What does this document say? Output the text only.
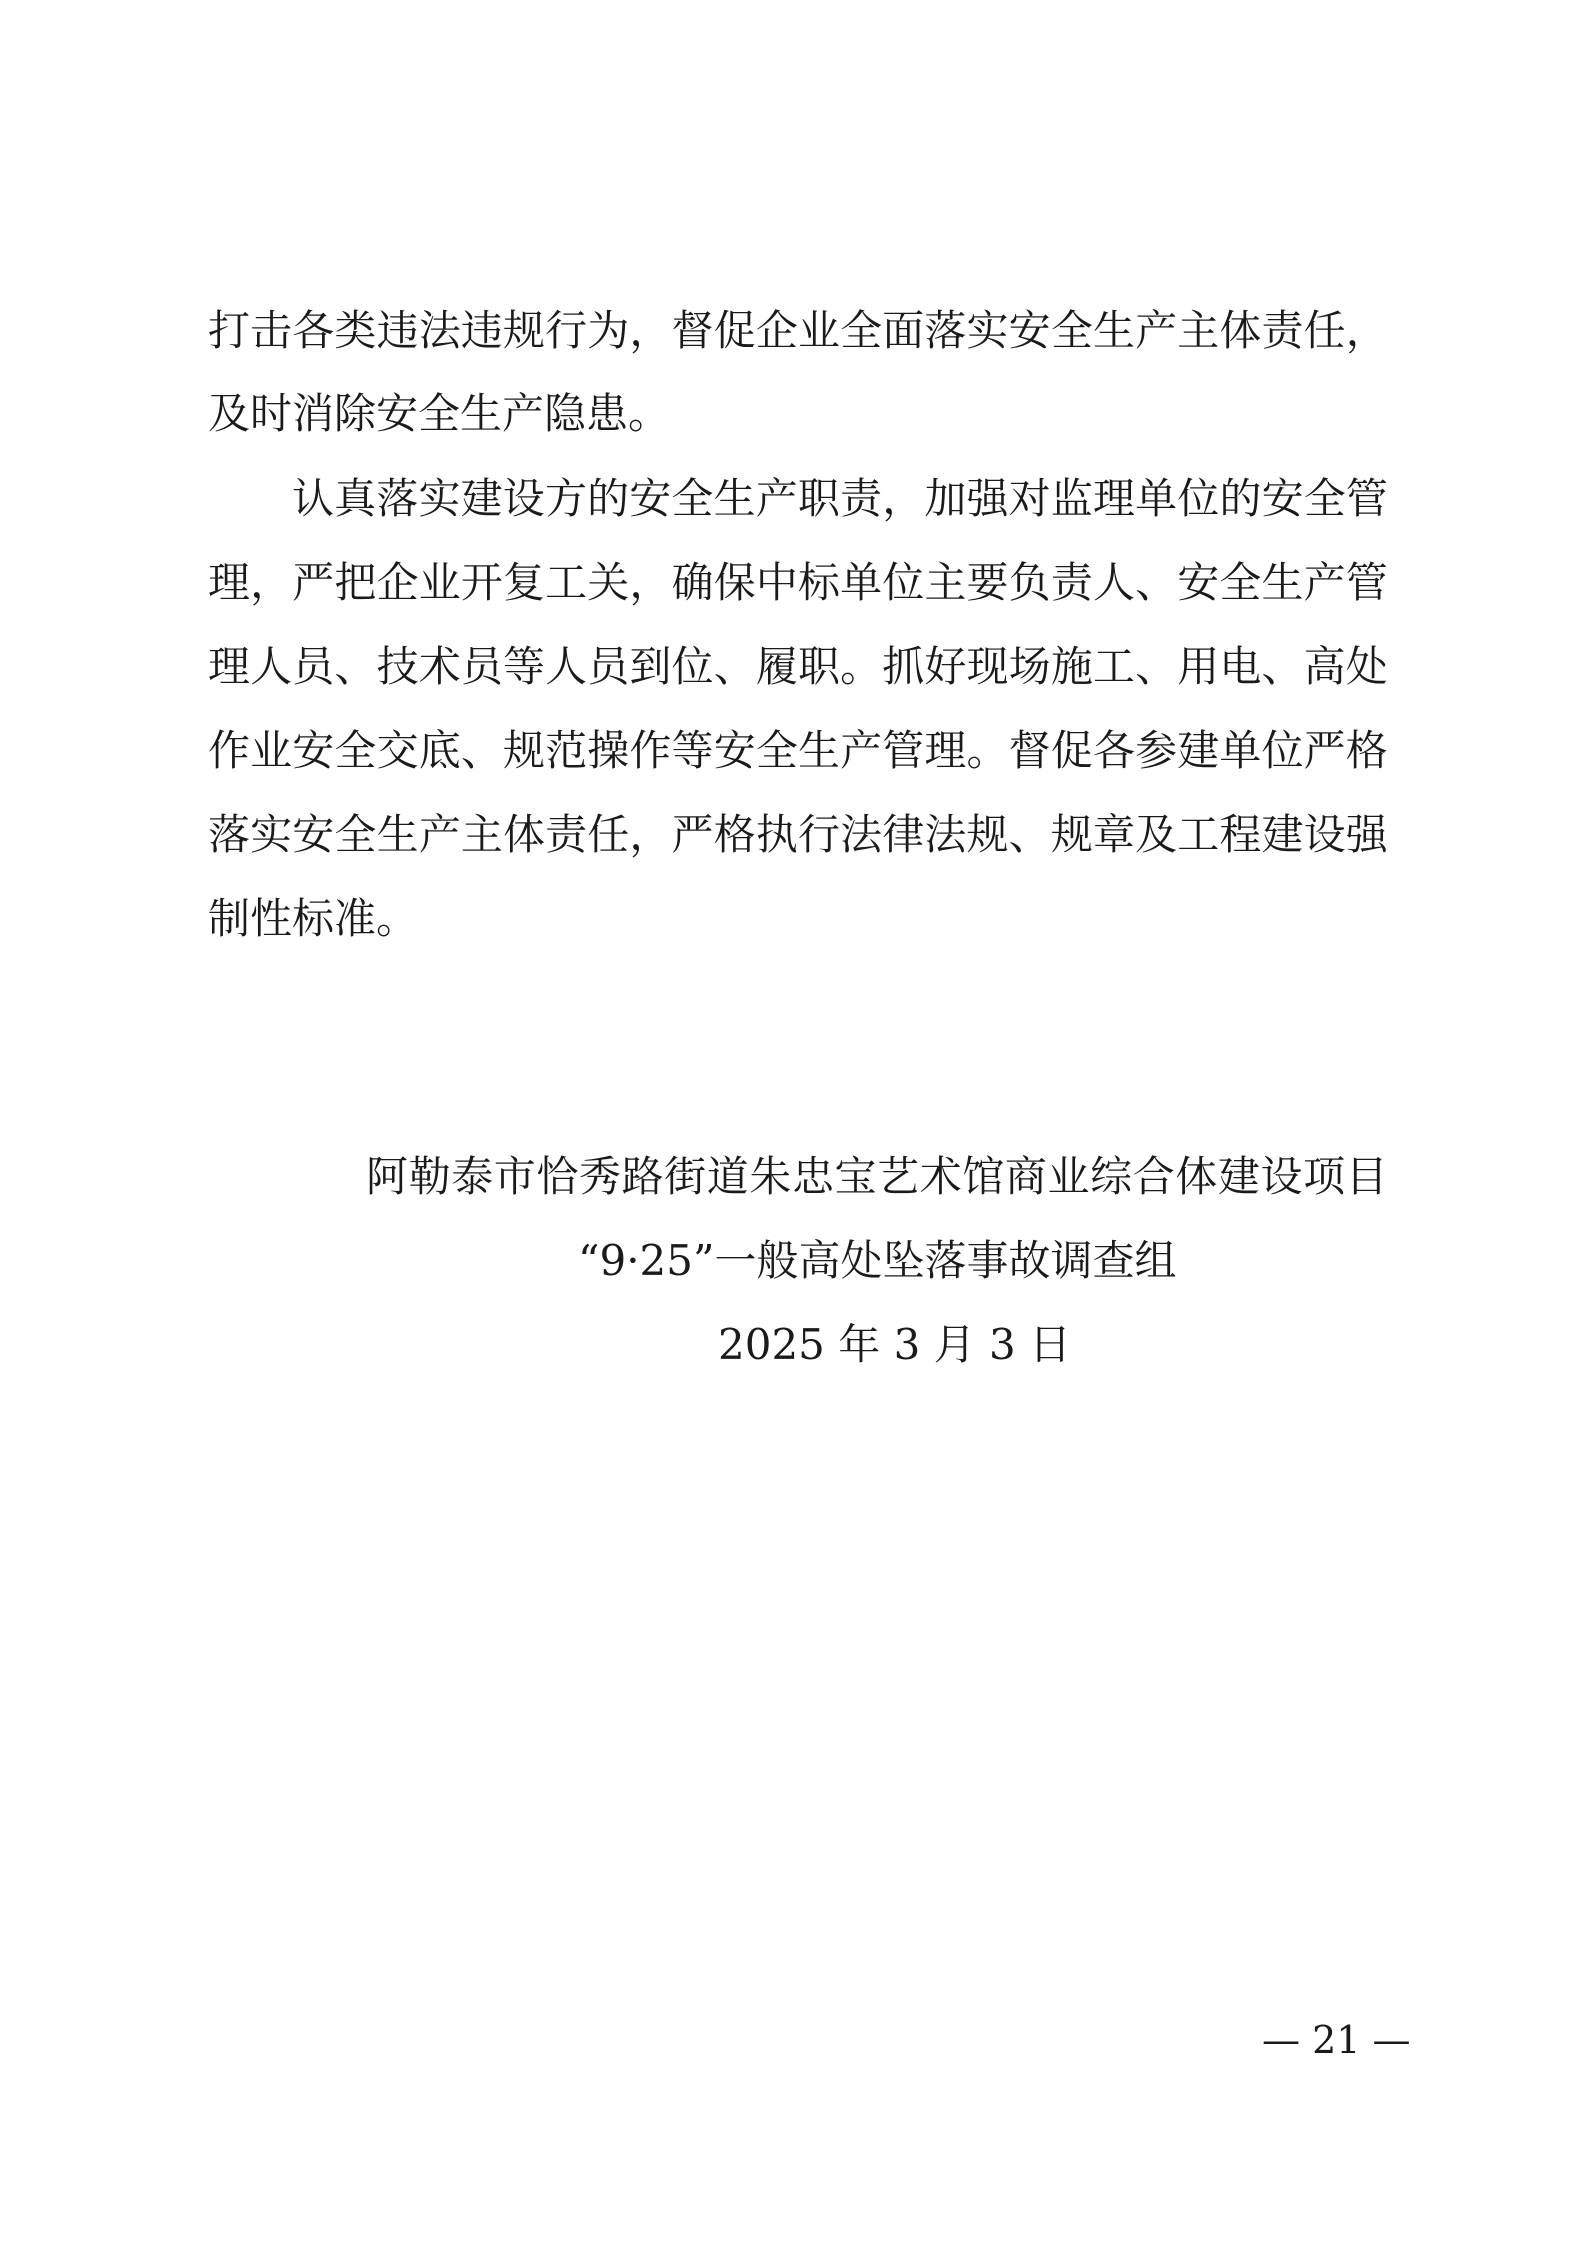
打 击 各 类 违 法 违 规 行 为 ， 督 促 企 业 全 面 落 实 安 全 生 产 主 体 责 任 ，
及时消除安全生产隐患。
认 真 落 实 建 设 方 的 安 全 生 产 职 责 ， 加 强 对 监 理 单 位 的 安 全 管
理 ， 严 把 企 业 开 复 工 关 ， 确 保 中 标 单 位 主 要 负 责 人 、 安 全 生 产 管
理 人 员 、 技 术 员 等 人 员 到 位 、 履 职 。 抓 好 现 场 施 工 、 用 电 、 高 处
作 业 安 全 交 底 、 规 范 操 作 等 安 全 生 产 管 理 。 督 促 各 参 建 单 位 严 格
落 实 安 全 生 产 主 体 责 任 ， 严 格 执 行 法 律 法 规 、 规 章 及 工 程 建 设 强
制性标准。
阿 勒 泰 市 恰 秀 路 街 道 朱 忠 宝 艺 术 馆 商 业 综 合 体 建 设 项 目
“9·25”一般高处坠落事故调查组
2025 年 3 月 3 日
— 21 —
